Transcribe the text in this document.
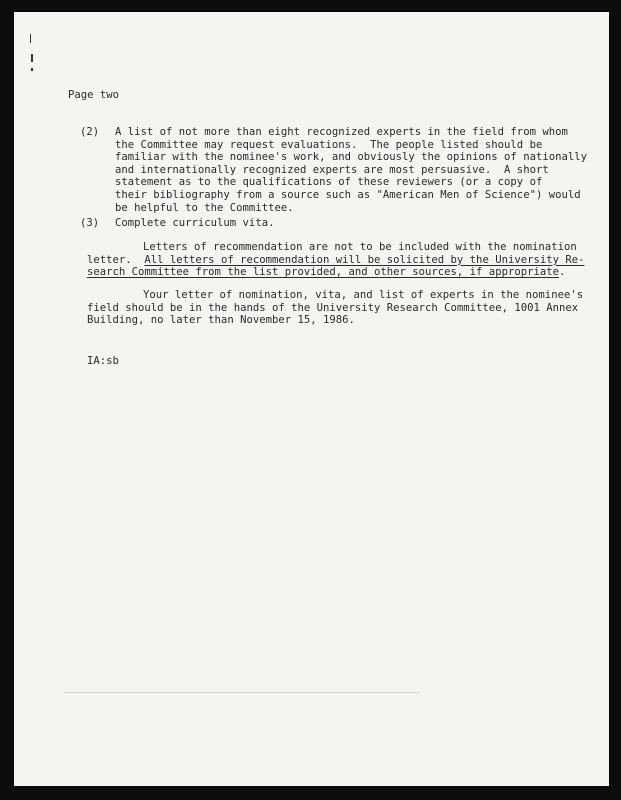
Page two
(2) A list of not more than eight recognized experts in the field from whom
the Committee may request evaluations.  The people listed should be
familiar with the nominee's work, and obviously the opinions of nationally
and internationally recognized experts are most persuasive.  A short
statement as to the qualifications of these reviewers (or a copy of
their bibliography from a source such as "American Men of Science") would
be helpful to the Committee.
(3) Complete curriculum vita.
Letters of recommendation are not to be included with the nomination
letter.  All letters of recommendation will be solicited by the University Re-
search Committee from the list provided, and other sources, if appropriate.
Your letter of nomination, vita, and list of experts in the nominee's
field should be in the hands of the University Research Committee, 1001 Annex
Building, no later than November 15, 1986.
IA:sb
